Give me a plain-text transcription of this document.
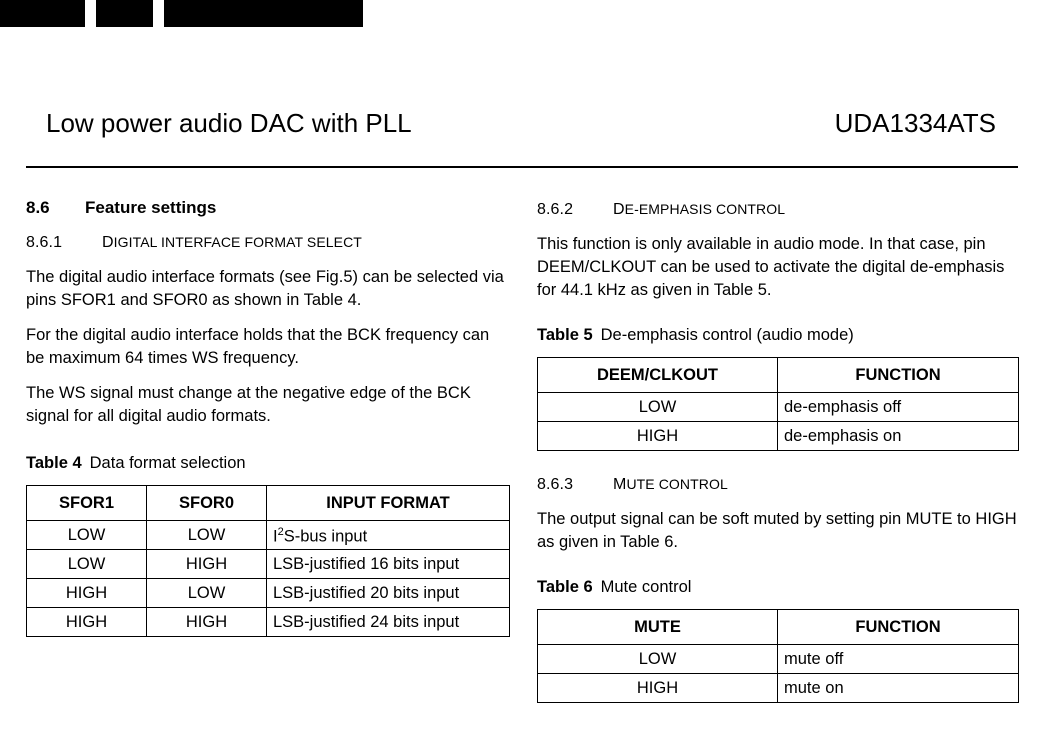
Low power audio DAC with PLL	UDA1334ATS
8.6 Feature settings
8.6.1 DIGITAL INTERFACE FORMAT SELECT

The digital audio interface formats (see Fig.5) can be selected via pins SFOR1 and SFOR0 as shown in Table 4.

For the digital audio interface holds that the BCK frequency can be maximum 64 times WS frequency.

The WS signal must change at the negative edge of the BCK signal for all digital audio formats.

Table 4 Data format selection
SFOR1	SFOR0	INPUT FORMAT
LOW	LOW	$I^2S$-bus input
LOW	HIGH	LSB-justified 16 bits input
HIGH	LOW	LSB-justified 20 bits input
HIGH	HIGH	LSB-justified 24 bits input
8.6.2 DE-EMPHASIS CONTROL

This function is only available in audio mode. In that case, pin DEEM/CLKOUT can be used to activate the digital de-emphasis for 44.1 kHz as given in Table 5.

Table 5 De-emphasis control (audio mode)
DEEM/CLKOUT	FUNCTION
LOW	de-emphasis off
HIGH	de-emphasis on
8.6.3 MUTE CONTROL

The output signal can be soft muted by setting pin MUTE to HIGH as given in Table 6.

Table 6 Mute control
MUTE	FUNCTION
LOW	mute off
HIGH	mute on
